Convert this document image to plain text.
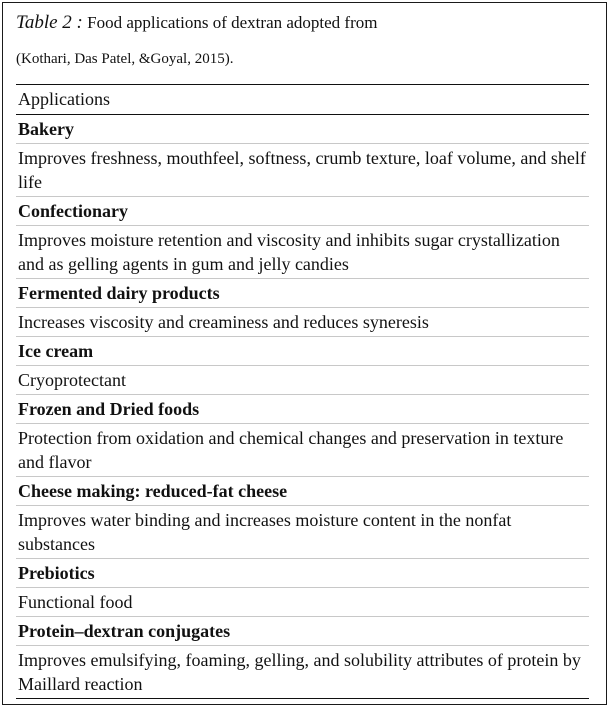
Table 2 : Food applications of dextran adopted from
(Kothari, Das Patel, &Goyal, 2015).
Applications
Bakery
Improves freshness, mouthfeel, softness, crumb texture, loaf volume, and shelf life
Confectionary
Improves moisture retention and viscosity and inhibits sugar crystallization and as gelling agents in gum and jelly candies
Fermented dairy products
Increases viscosity and creaminess and reduces syneresis
Ice cream
Cryoprotectant
Frozen and Dried foods
Protection from oxidation and chemical changes and preservation in texture and flavor
Cheese making: reduced-fat cheese
Improves water binding and increases moisture content in the nonfat substances
Prebiotics
Functional food
Protein–dextran conjugates
Improves emulsifying, foaming, gelling, and solubility attributes of protein by Maillard reaction
